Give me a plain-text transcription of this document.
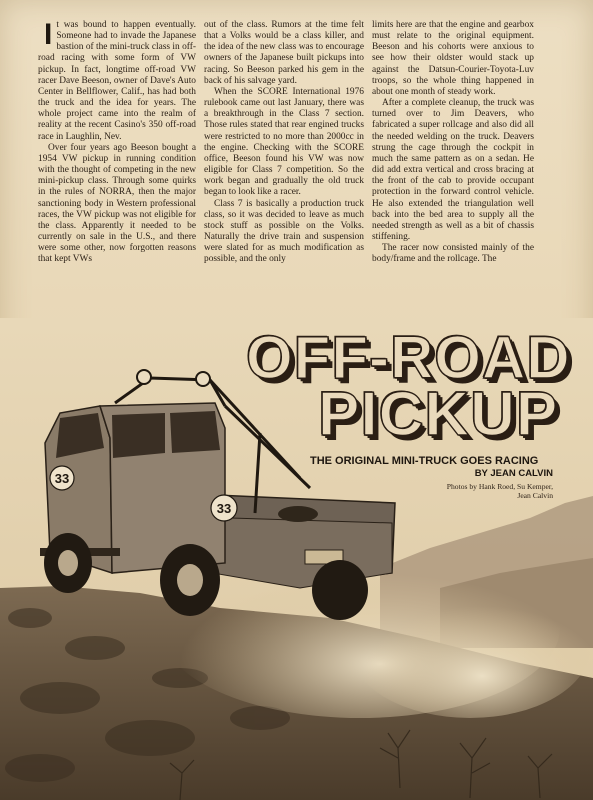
It was bound to happen eventually. Someone had to invade the Japanese bastion of the mini-truck class in off-road racing with some form of VW pickup. In fact, longtime off-road VW racer Dave Beeson, owner of Dave's Auto Center in Bellflower, Calif., has had both the truck and the idea for years. The whole project came into the realm of reality at the recent Casino's 350 off-road race in Laughlin, Nev.

Over four years ago Beeson bought a 1954 VW pickup in running condition with the thought of competing in the new mini-pickup class. Through some quirks in the rules of NORRA, then the major sanctioning body in Western professional races, the VW pickup was not eligible for the class. Apparently it needed to be currently on sale in the U.S., and there were some other, now forgotten reasons that kept VWs

out of the class. Rumors at the time felt that a Volks would be a class killer, and the idea of the new class was to encourage owners of the Japanese built pickups into racing. So Beeson parked his gem in the back of his salvage yard.

When the SCORE International 1976 rulebook came out last January, there was a breakthrough in the Class 7 section. Those rules stated that rear engined trucks were restricted to no more than 2000cc in the engine. Checking with the SCORE office, Beeson found his VW was now eligible for Class 7 competition. So the work began and gradually the old truck began to look like a racer.

Class 7 is basically a production truck class, so it was decided to leave as much stock stuff as possible on the Volks. Naturally the drive train and suspension were slated for as much modification as possible, and the only

limits here are that the engine and gearbox must relate to the original equipment. Beeson and his cohorts were anxious to see how their oldster would stack up against the Datsun-Courier-Toyota-Luv troops, so the whole thing happened in about one month of steady work.

After a complete cleanup, the truck was turned over to Jim Deavers, who fabricated a super rollcage and also did all the needed welding on the truck. Deavers strung the cage through the cockpit in much the same pattern as on a sedan. He did add extra vertical and cross bracing at the front of the cab to provide occupant protection in the forward control vehicle. He also extended the triangulation well back into the bed area to supply all the needed strength as well as a bit of chassis stiffening.

The racer now consisted mainly of the body/frame and the rollcage. The

33
33
OFF-ROAD
PICKUP
THE ORIGINAL MINI-TRUCK GOES RACING
BY JEAN CALVIN
Photos by Hank Roed, Su Kemper,
Jean Calvin
